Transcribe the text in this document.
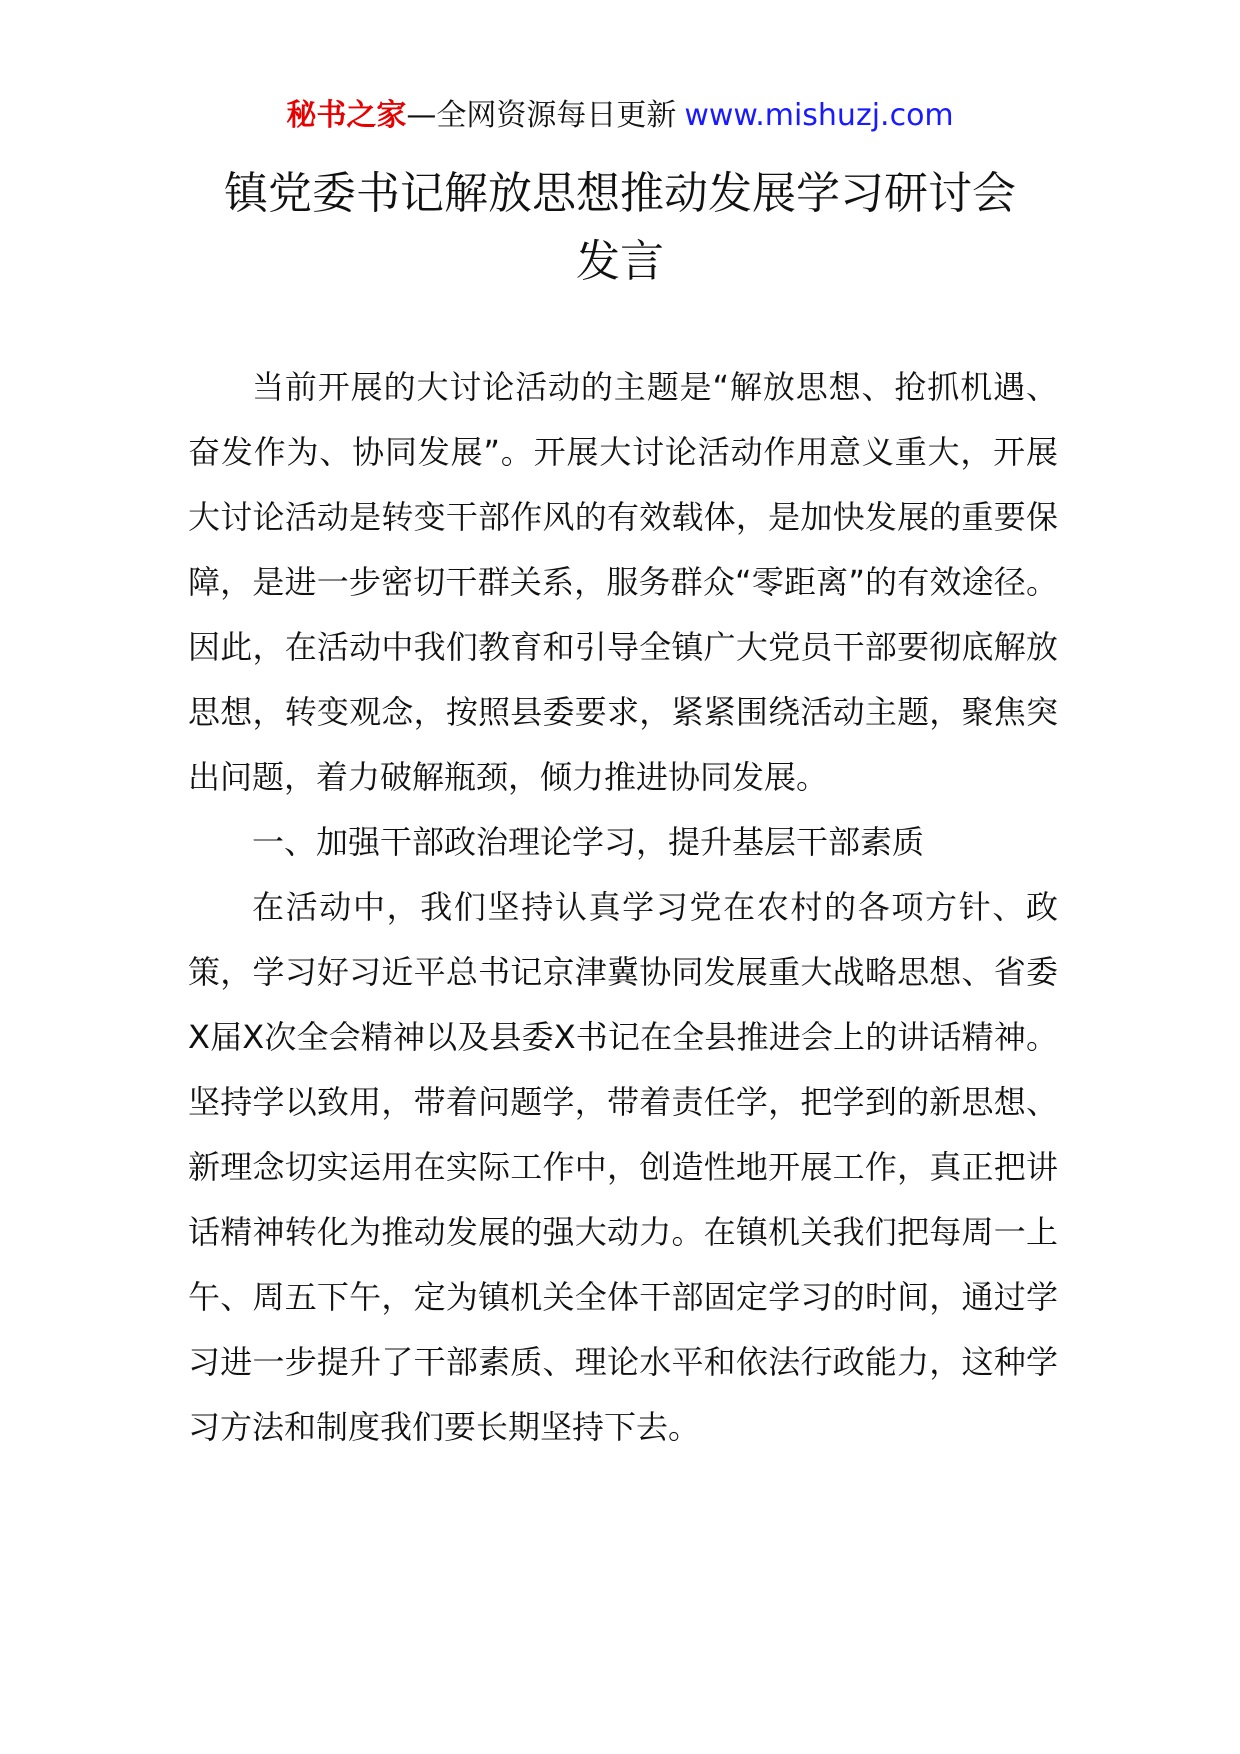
秘书之家—全网资源每日更新 www.mishuzj.com
镇党委书记解放思想推动发展学习研讨会
发言

当前开展的大讨论活动的主题是“解放思想、抢抓机遇、奋发作为、协同发展”。开展大讨论活动作用意义重大，开展大讨论活动是转变干部作风的有效载体，是加快发展的重要保障，是进一步密切干群关系，服务群众“零距离”的有效途径。因此，在活动中我们教育和引导全镇广大党员干部要彻底解放思想，转变观念，按照县委要求，紧紧围绕活动主题，聚焦突出问题，着力破解瓶颈，倾力推进协同发展。

一、加强干部政治理论学习，提升基层干部素质

在活动中，我们坚持认真学习党在农村的各项方针、政策，学习好习近平总书记京津冀协同发展重大战略思想、省委X届X次全会精神以及县委X书记在全县推进会上的讲话精神。坚持学以致用，带着问题学，带着责任学，把学到的新思想、新理念切实运用在实际工作中，创造性地开展工作，真正把讲话精神转化为推动发展的强大动力。在镇机关我们把每周一上午、周五下午，定为镇机关全体干部固定学习的时间，通过学习进一步提升了干部素质、理论水平和依法行政能力，这种学习方法和制度我们要长期坚持下去。
